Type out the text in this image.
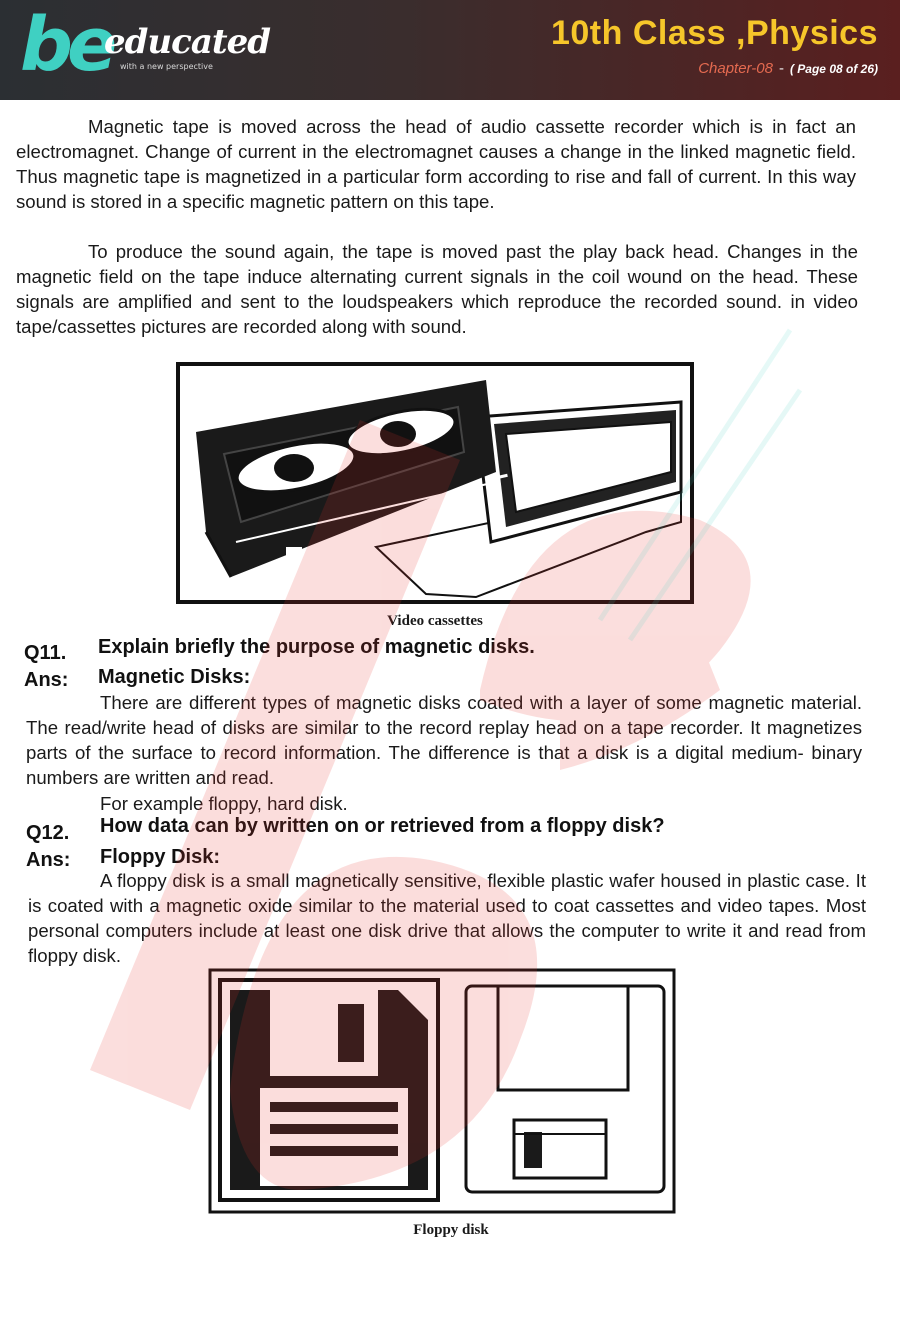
be
educated
with a new perspective
10th Class ,Physics
Chapter-08 - ( Page 08 of 26)

Magnetic tape is moved across the head of audio cassette recorder which is in fact an electromagnet. Change of current in the electromagnet causes a change in the linked magnetic field. Thus magnetic tape is magnetized in a particular form according to rise and fall of current. In this way sound is stored in a specific magnetic pattern on this tape.

To produce the sound again, the tape is moved past the play back head. Changes in the magnetic field on the tape induce alternating current signals in the coil wound on the head. These signals are amplified and sent to the loudspeakers which reproduce the recorded sound. in video tape/cassettes pictures are recorded along with sound.

Video cassettes
Q11. Explain briefly the purpose of magnetic disks.
Ans: Magnetic Disks:

There are different types of magnetic disks coated with a layer of some magnetic material. The read/write head of disks are similar to the record replay head on a tape recorder. It magnetizes parts of the surface to record information. The difference is that a disk is a digital medium- binary numbers are written and read.

For example floppy, hard disk.

Q12. How data can by written on or retrieved from a floppy disk?
Ans: Floppy Disk:

A floppy disk is a small magnetically sensitive, flexible plastic wafer housed in plastic case. It is coated with a magnetic oxide similar to the material used to coat cassettes and video tapes. Most personal computers include at least one disk drive that allows the computer to write it and read from floppy disk.

Floppy disk
